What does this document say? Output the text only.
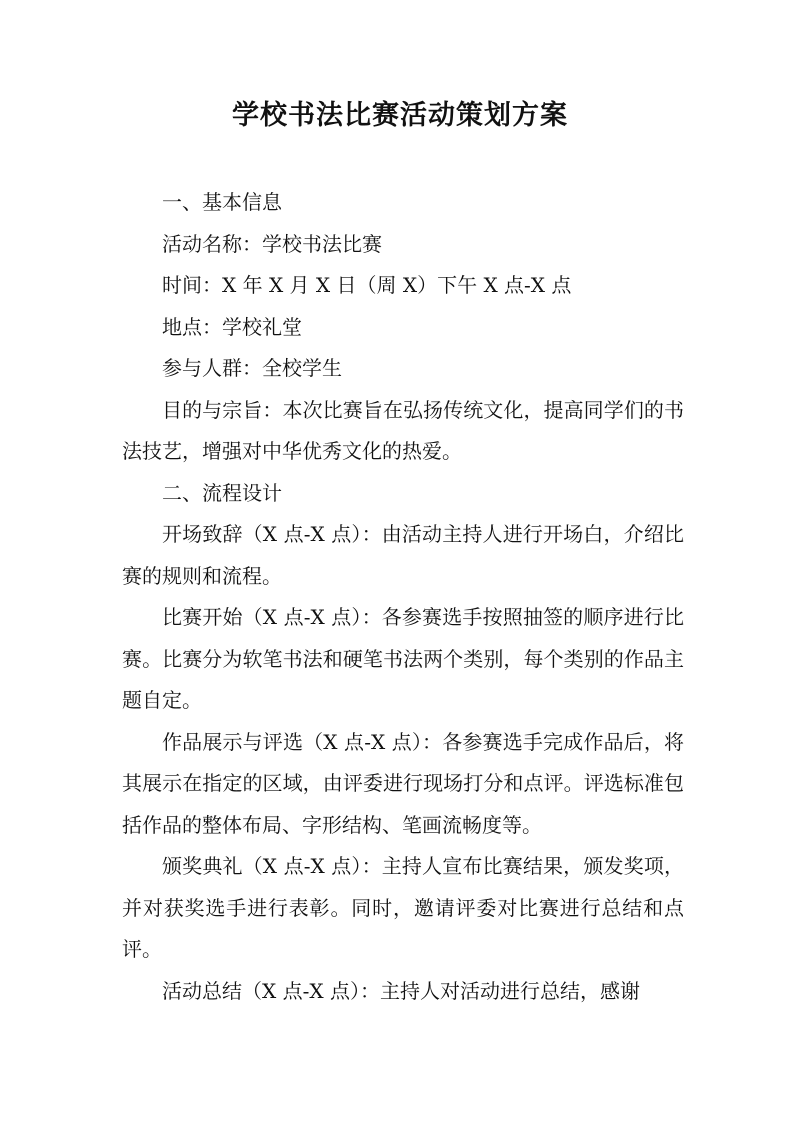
学校书法比赛活动策划方案

一、基本信息

活动名称：学校书法比赛

时间：X 年 X 月 X 日（周 X）下午 X 点-X 点

地点：学校礼堂

参与人群：全校学生

目的与宗旨：本次比赛旨在弘扬传统文化，提高同学们的书法技艺，增强对中华优秀文化的热爱。

二、流程设计

开场致辞（X 点-X 点）：由活动主持人进行开场白，介绍比赛的规则和流程。

比赛开始（X 点-X 点）：各参赛选手按照抽签的顺序进行比赛。比赛分为软笔书法和硬笔书法两个类别，每个类别的作品主题自定。

作品展示与评选（X 点-X 点）：各参赛选手完成作品后，将其展示在指定的区域，由评委进行现场打分和点评。评选标准包括作品的整体布局、字形结构、笔画流畅度等。

颁奖典礼（X 点-X 点）：主持人宣布比赛结果，颁发奖项，并对获奖选手进行表彰。同时，邀请评委对比赛进行总结和点评。

活动总结（X 点-X 点）：主持人对活动进行总结，感谢
